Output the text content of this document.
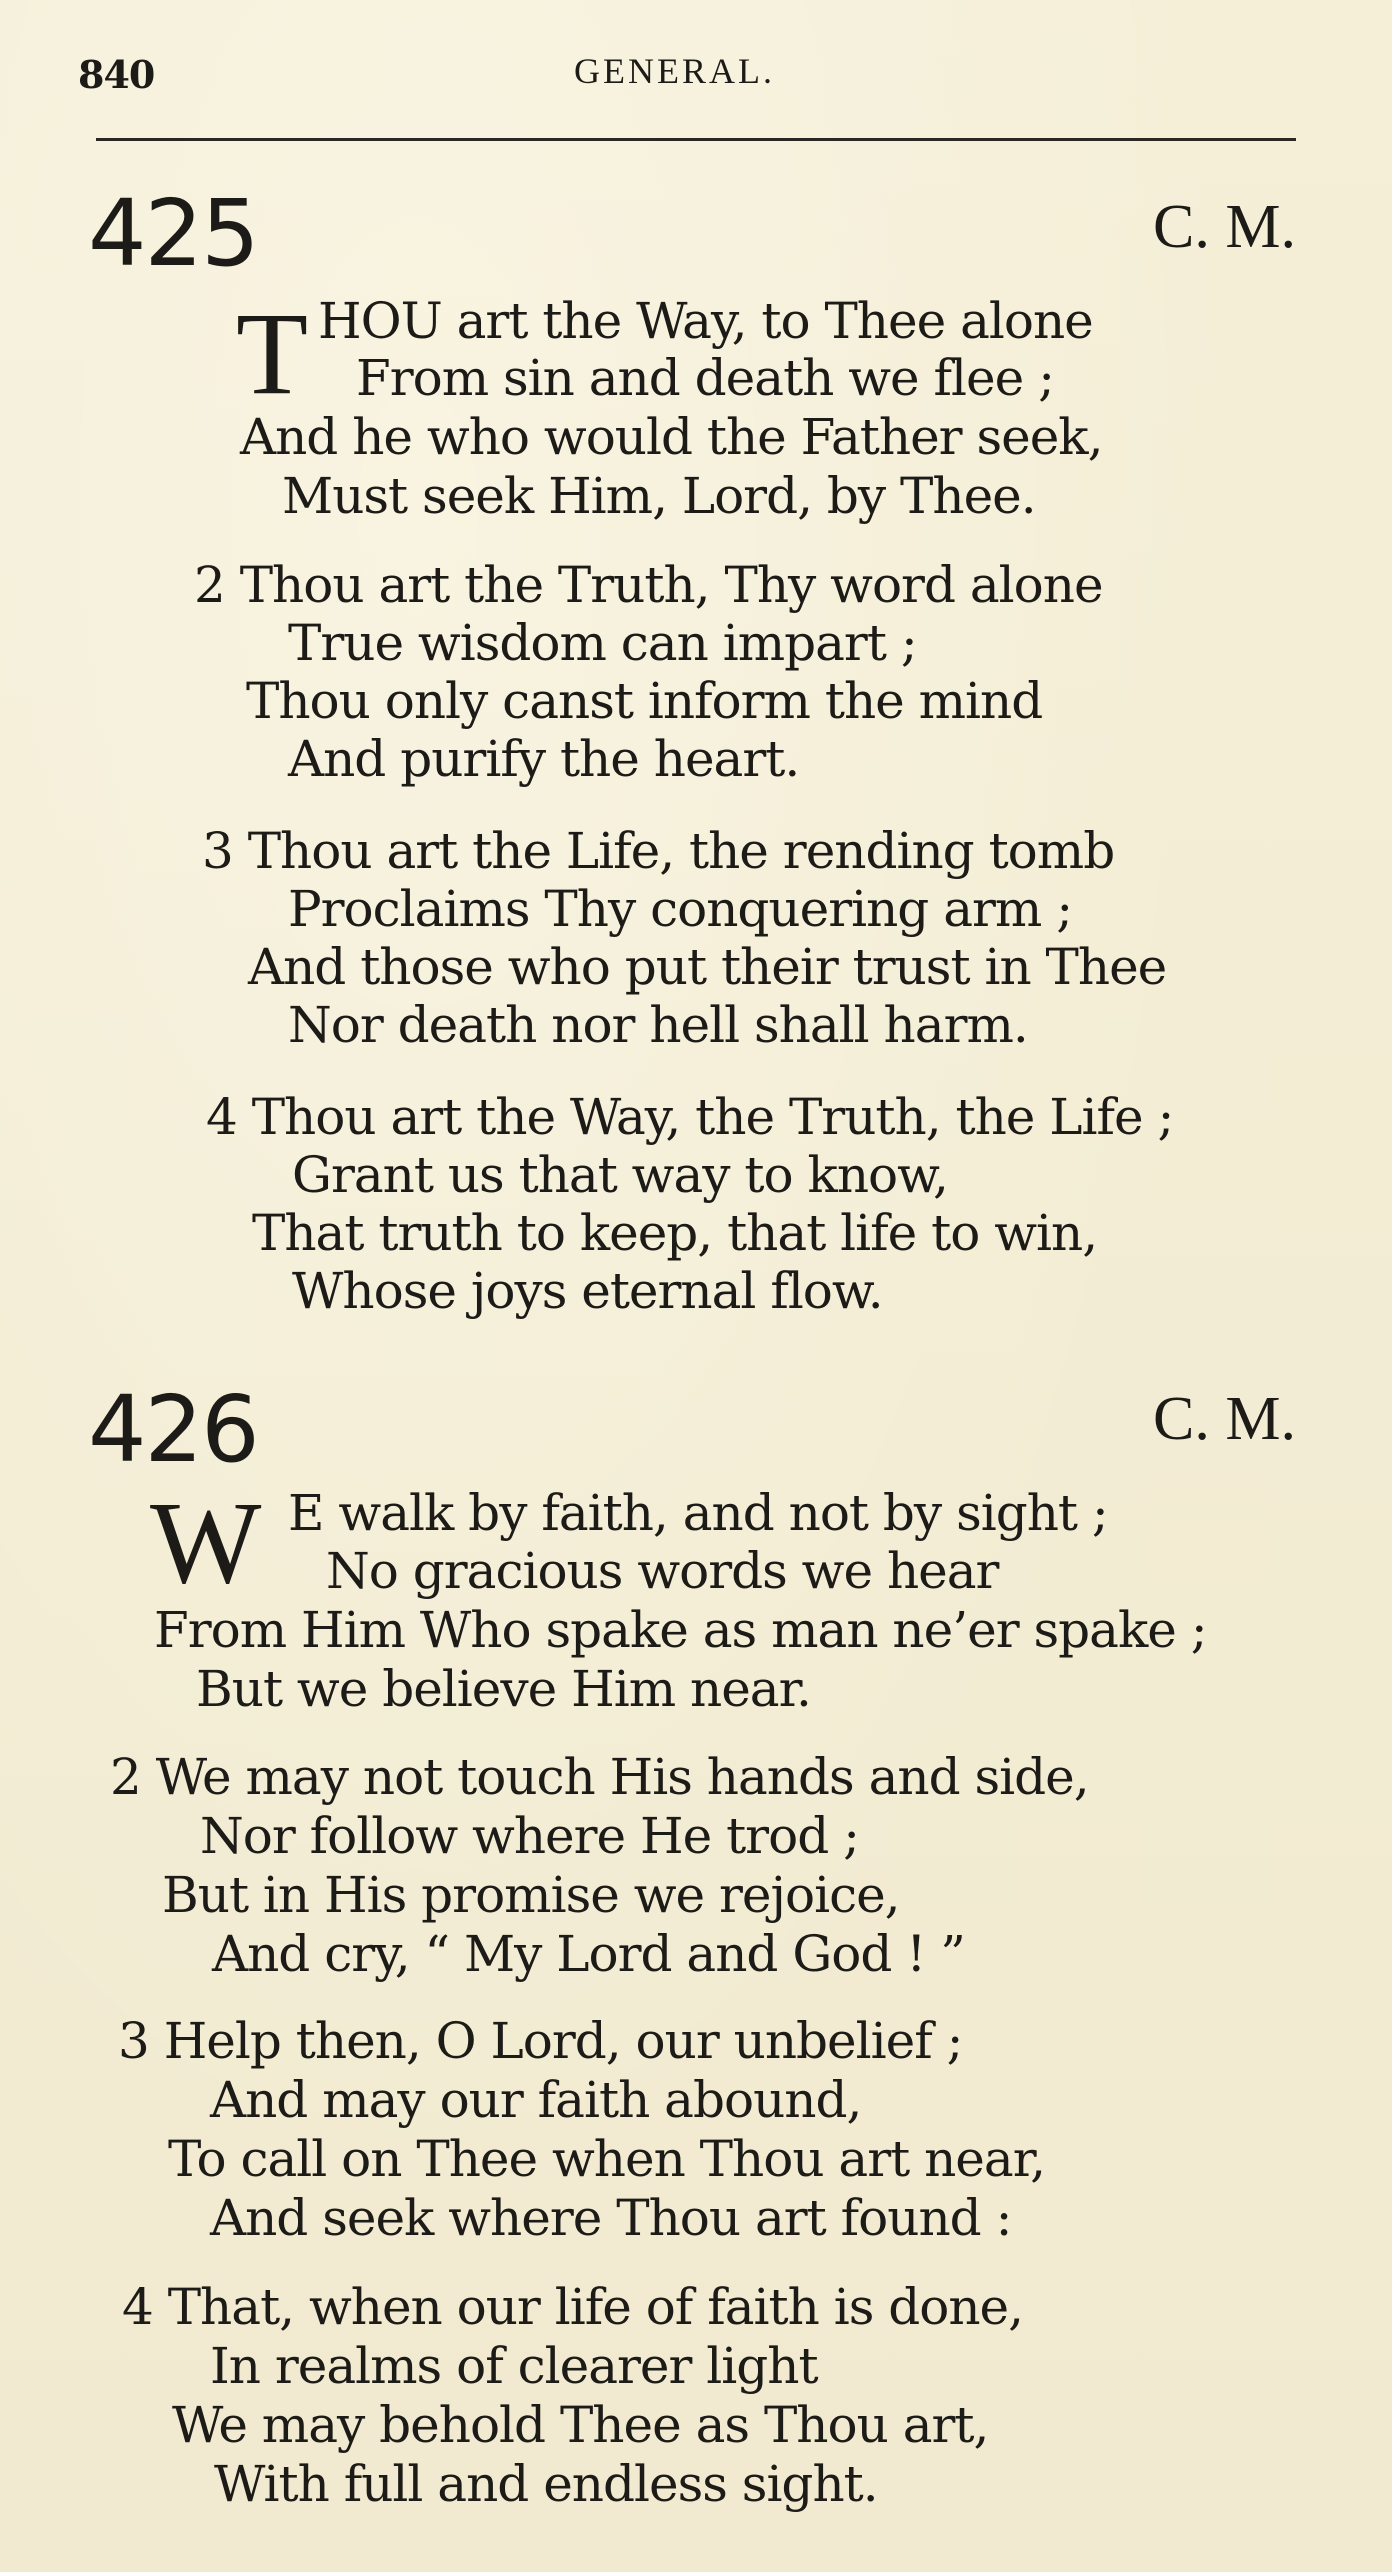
840	GENERAL.
425	C. M.
T HOU art the Way, to Thee alone
From sin and death we flee ;
And he who would the Father seek,
Must seek Him, Lord, by Thee.
2 Thou art the Truth, Thy word alone
True wisdom can impart ;
Thou only canst inform the mind
And purify the heart.
3 Thou art the Life, the rending tomb
Proclaims Thy conquering arm ;
And those who put their trust in Thee
Nor death nor hell shall harm.
4 Thou art the Way, the Truth, the Life ;
Grant us that way to know,
That truth to keep, that life to win,
Whose joys eternal flow.
426	C. M.
W E walk by faith, and not by sight ;
No gracious words we hear
From Him Who spake as man ne’er spake ;
But we believe Him near.
2 We may not touch His hands and side,
Nor follow where He trod ;
But in His promise we rejoice,
And cry, “ My Lord and God ! ”
3 Help then, O Lord, our unbelief ;
And may our faith abound,
To call on Thee when Thou art near,
And seek where Thou art found :
4 That, when our life of faith is done,
In realms of clearer light
We may behold Thee as Thou art,
With full and endless sight.
